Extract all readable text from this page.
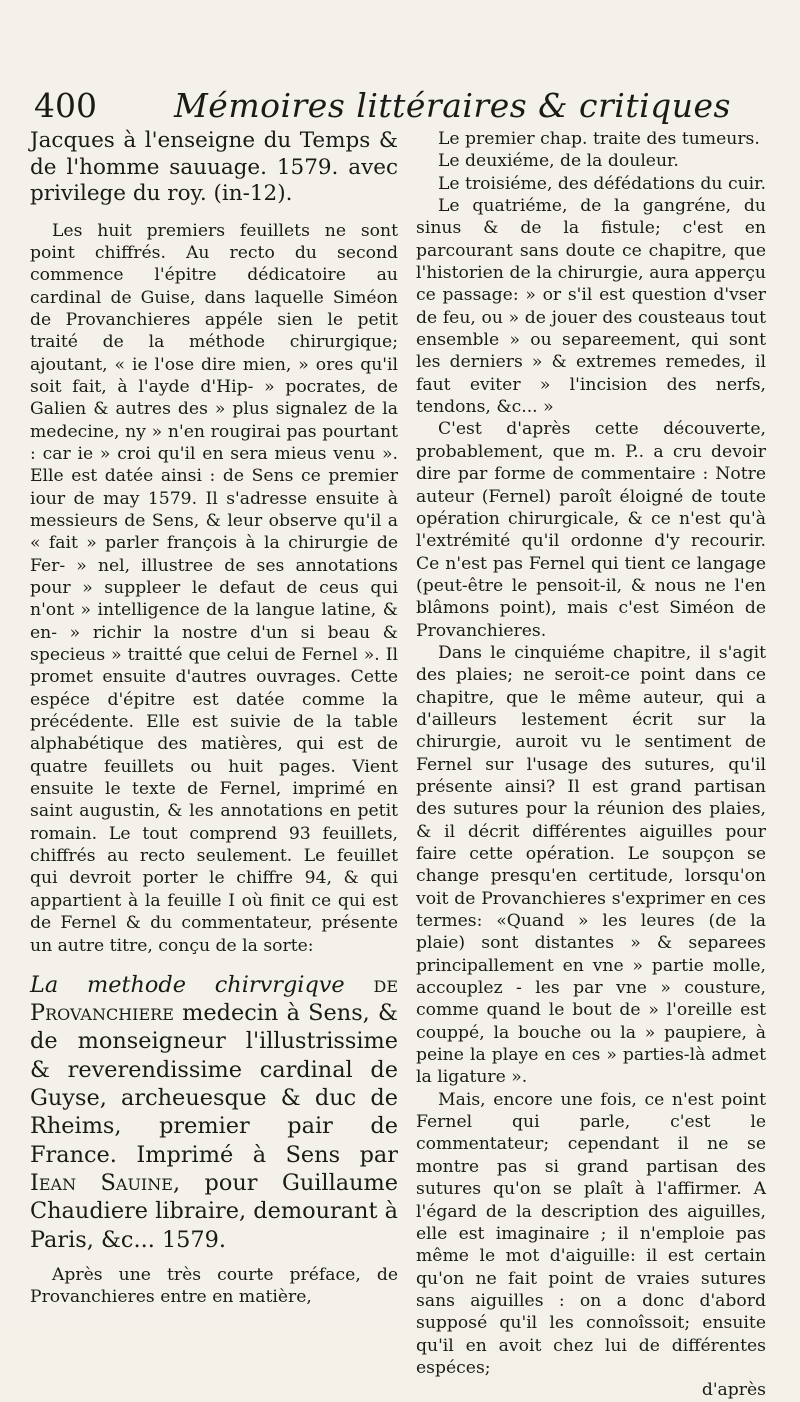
400 Mémoires littéraires & critiques

Jacques à l'enseigne du Temps & de l'homme sauuage. 1579. avec privilege du roy. (in-12).

Les huit premiers feuillets ne sont point chiffrés. Au recto du second commence l'épitre dédicatoire au cardinal de Guise, dans laquelle Siméon de Provanchieres appéle sien le petit traité de la méthode chirurgique; ajoutant, « ie l'ose dire mien, » ores qu'il soit fait, à l'ayde d'Hip- » pocrates, de Galien & autres des » plus signalez de la medecine, ny » n'en rougirai pas pourtant : car ie » croi qu'il en sera mieus venu ». Elle est datée ainsi : de Sens ce premier iour de may 1579. Il s'adresse ensuite à messieurs de Sens, & leur observe qu'il a « fait » parler françois à la chirurgie de Fer- » nel, illustree de ses annotations pour » suppleer le defaut de ceus qui n'ont » intelligence de la langue latine, & en- » richir la nostre d'un si beau & specieus » traitté que celui de Fernel ». Il promet ensuite d'autres ouvrages. Cette espéce d'épitre est datée comme la précédente. Elle est suivie de la table alphabétique des matières, qui est de quatre feuillets ou huit pages. Vient ensuite le texte de Fernel, imprimé en saint augustin, & les annotations en petit romain. Le tout comprend 93 feuillets, chiffrés au recto seulement. Le feuillet qui devroit porter le chiffre 94, & qui appartient à la feuille I où finit ce qui est de Fernel & du commentateur, présente un autre titre, conçu de la sorte:

La methode chirvrgiqve de Provanchiere medecin à Sens, & de monseigneur l'illustrissime & reverendissime cardinal de Guyse, archeuesque & duc de Rheims, premier pair de France. Imprimé à Sens par Iean Sauine, pour Guillaume Chaudiere libraire, demourant à Paris, &c... 1579.

Après une très courte préface, de Provanchieres entre en matière,

Le premier chap. traite des tumeurs.

Le deuxiéme, de la douleur.

Le troisiéme, des défédations du cuir.

Le quatriéme, de la gangréne, du sinus & de la fistule; c'est en parcourant sans doute ce chapitre, que l'historien de la chirurgie, aura apperçu ce passage: » or s'il est question d'vser de feu, ou » de jouer des cousteaus tout ensemble » ou separeement, qui sont les derniers » & extremes remedes, il faut eviter » l'incision des nerfs, tendons, &c... »

C'est d'après cette découverte, probablement, que m. P.. a cru devoir dire par forme de commentaire : Notre auteur (Fernel) paroît éloigné de toute opération chirurgicale, & ce n'est qu'à l'extrémité qu'il ordonne d'y recourir. Ce n'est pas Fernel qui tient ce langage (peut-être le pensoit-il, & nous ne l'en blâmons point), mais c'est Siméon de Provanchieres.

Dans le cinquiéme chapitre, il s'agit des plaies; ne seroit-ce point dans ce chapitre, que le même auteur, qui a d'ailleurs lestement écrit sur la chirurgie, auroit vu le sentiment de Fernel sur l'usage des sutures, qu'il présente ainsi? Il est grand partisan des sutures pour la réunion des plaies, & il décrit différentes aiguilles pour faire cette opération. Le soupçon se change presqu'en certitude, lorsqu'on voit de Provanchieres s'exprimer en ces termes: «Quand » les leures (de la plaie) sont distantes » & separees principallement en vne » partie molle, accouplez - les par vne » cousture, comme quand le bout de » l'oreille est couppé, la bouche ou la » paupiere, à peine la playe en ces » parties-là admet la ligature ».

Mais, encore une fois, ce n'est point Fernel qui parle, c'est le commentateur; cependant il ne se montre pas si grand partisan des sutures qu'on se plaît à l'affirmer. A l'égard de la description des aiguilles, elle est imaginaire ; il n'emploie pas même le mot d'aiguille: il est certain qu'on ne fait point de vraies sutures sans aiguilles : on a donc d'abord supposé qu'il les connoîssoit; ensuite qu'il en avoit chez lui de différentes espéces;

d'après
